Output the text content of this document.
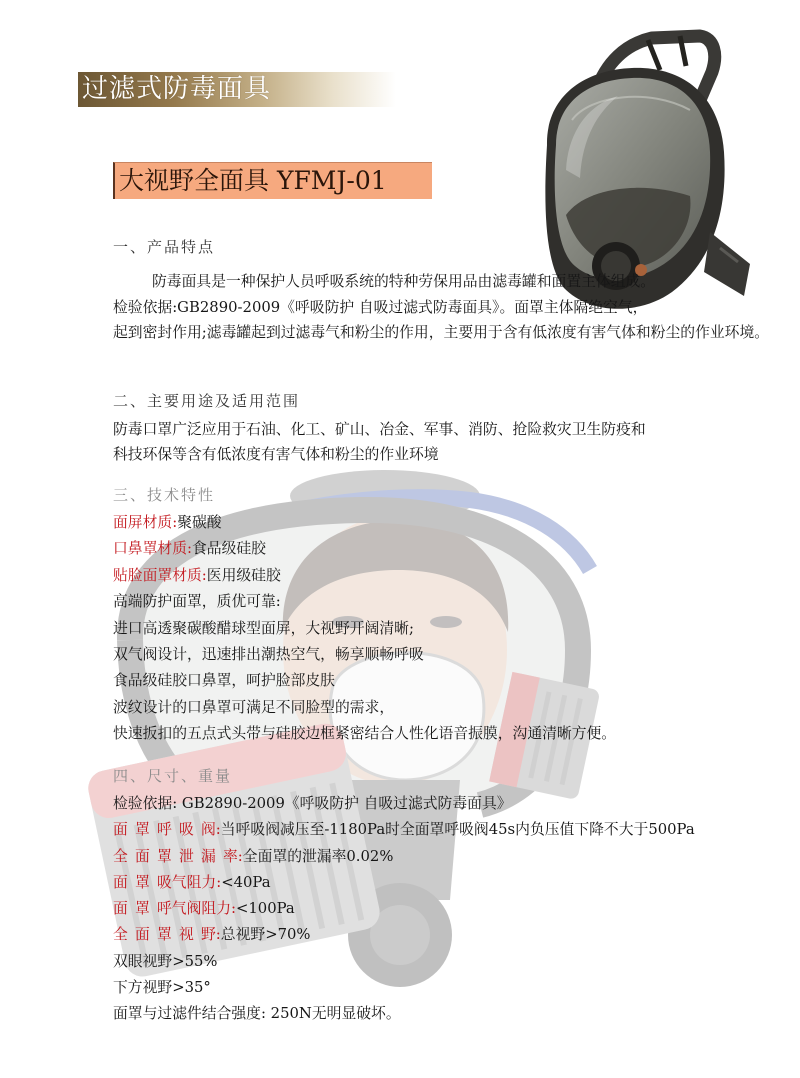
过滤式防毒面具
大视野全面具 YFMJ-01
一、产品特点
防毒面具是一种保护人员呼吸系统的特种劳保用品由滤毒罐和面置主体组成。
检验依据:GB2890-2009《呼吸防护 自吸过滤式防毒面具》。面罩主体隔绝空气，
起到密封作用;滤毒罐起到过滤毒气和粉尘的作用，主要用于含有低浓度有害气体和粉尘的作业环境。
二、主要用途及适用范围
防毒口罩广泛应用于石油、化工、矿山、冶金、军事、消防、抢险救灾卫生防疫和
科技环保等含有低浓度有害气体和粉尘的作业环境
三、技术特性
面屏材质:聚碳酸
口鼻罩材质:食品级硅胶
贴脸面罩材质:医用级硅胶
高端防护面罩，质优可靠:
进口高透聚碳酸醋球型面屏，大视野开阔清晰;
双气阀设计，迅速排出潮热空气，畅享顺畅呼吸
食品级硅胶口鼻罩，呵护脸部皮肤
波纹设计的口鼻罩可满足不同脸型的需求，
快速扳扣的五点式头带与硅胶边框紧密结合人性化语音振膜，沟通清晰方便。
四、尺寸、重量
检验依据: GB2890-2009《呼吸防护 自吸过滤式防毒面具》
面 罩 呼 吸 阀:当呼吸阀减压至-1180Pa时全面罩呼吸阀45s内负压值下降不大于500Pa
全 面 罩 泄 漏 率:全面罩的泄漏率0.02%
面 罩 吸气阻力:<40Pa
面 罩 呼气阀阻力:<100Pa
全 面 罩 视 野:总视野>70%
双眼视野>55%
下方视野>35°
面罩与过滤件结合强度: 250N无明显破坏。
